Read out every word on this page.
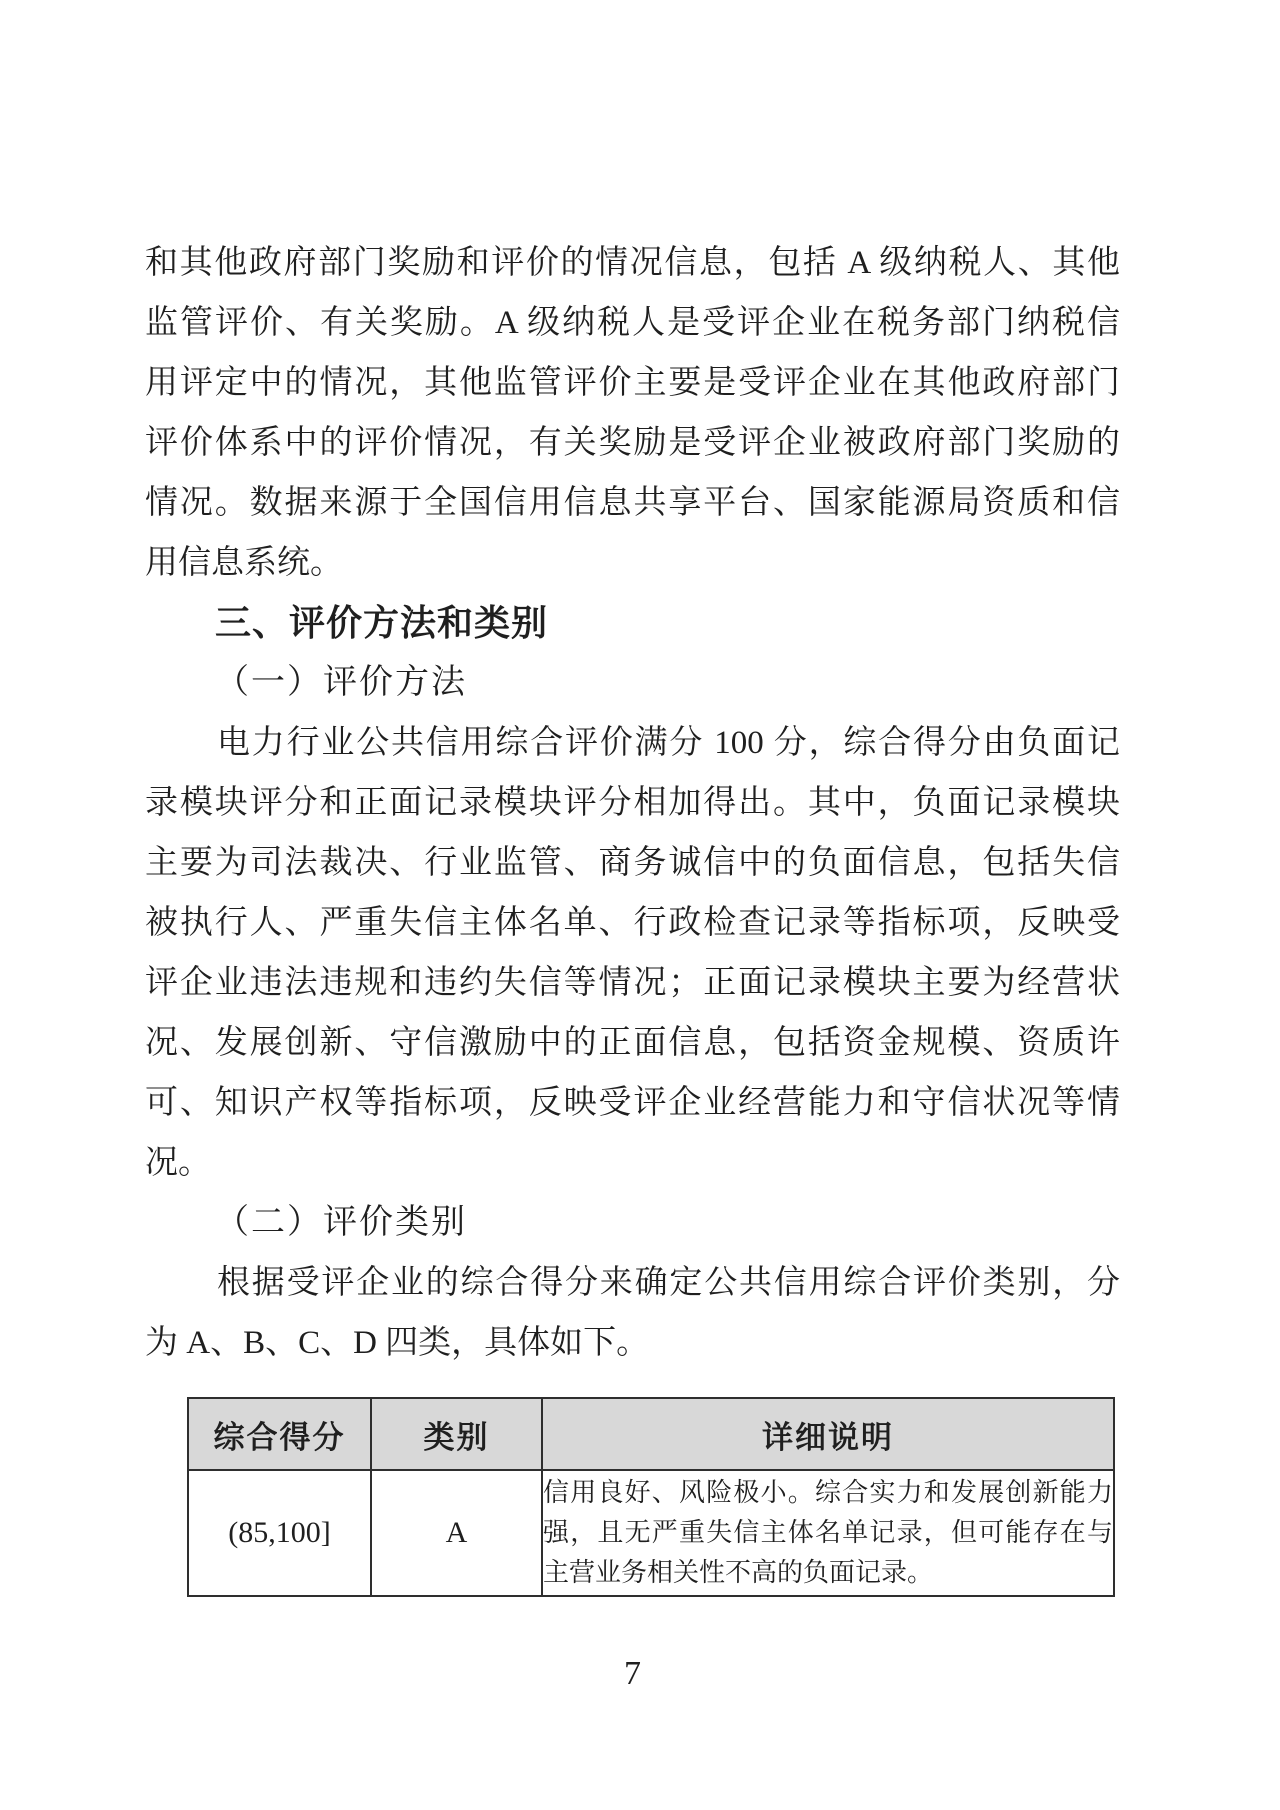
和其他政府部门奖励和评价的情况信息，包括 A 级纳税人、其他
监管评价、有关奖励。A 级纳税人是受评企业在税务部门纳税信
用评定中的情况，其他监管评价主要是受评企业在其他政府部门
评价体系中的评价情况，有关奖励是受评企业被政府部门奖励的
情况。数据来源于全国信用信息共享平台、国家能源局资质和信
用信息系统。
三、评价方法和类别
（一）评价方法
电力行业公共信用综合评价满分 100 分，综合得分由负面记
录模块评分和正面记录模块评分相加得出。其中，负面记录模块
主要为司法裁决、行业监管、商务诚信中的负面信息，包括失信
被执行人、严重失信主体名单、行政检查记录等指标项，反映受
评企业违法违规和违约失信等情况；正面记录模块主要为经营状
况、发展创新、守信激励中的正面信息，包括资金规模、资质许
可、知识产权等指标项，反映受评企业经营能力和守信状况等情
况。
（二）评价类别
根据受评企业的综合得分来确定公共信用综合评价类别，分
为 A、B、C、D 四类，具体如下。
综合得分	类别	详细说明
(85,100]	A	信用良好、风险极小。综合实力和发展创新能力强，且无严重失信主体名单记录，但可能存在与主营业务相关性不高的负面记录。
7
